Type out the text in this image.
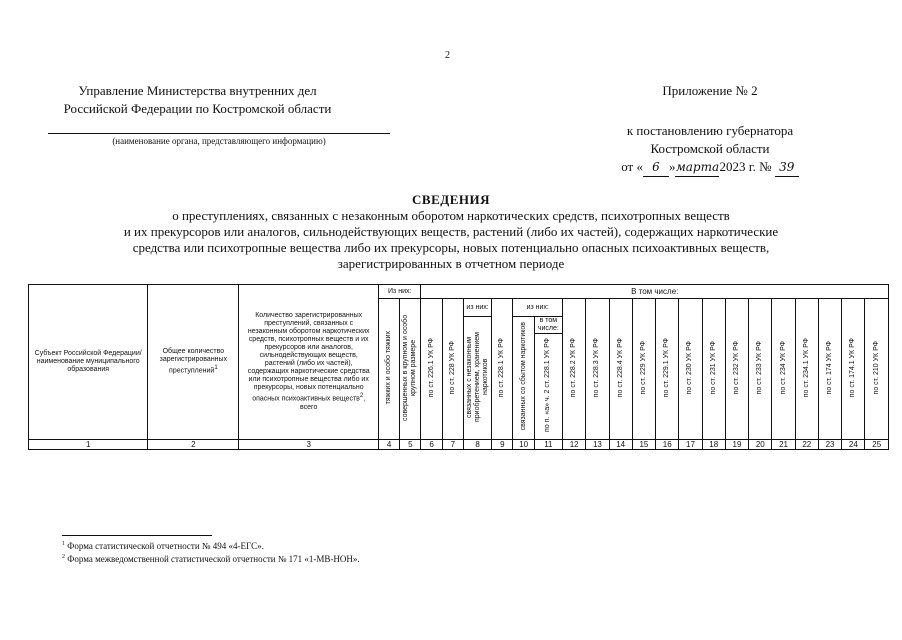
2
Управление Министерства внутренних дел
Российской Федерации по Костромской области
(наименование органа, представляющего информацию)
Приложение № 2
к постановлению губернатора
Костромской области
от « 6 »марта2023 г. № 39
СВЕДЕНИЯ
о преступлениях, связанных с незаконным оборотом наркотических средств, психотропных веществ
и их прекурсоров или аналогов, сильнодействующих веществ, растений (либо их частей), содержащих наркотические
средства или психотропные вещества либо их прекурсоры, новых потенциально опасных психоактивных веществ,
зарегистрированных в отчетном периоде
Субъект Российской Федерации/ наименование муниципального образования	Общее количество зарегистрированных преступлений$^1$	Количество зарегистрированных преступлений, связанных с незаконным оборотом наркотических средств, психотропных веществ и их прекурсоров или аналогов, сильнодействующих веществ, растений (либо их частей), содержащих наркотические средства или психотропные вещества либо их прекурсоры, новых потенциально опасных психоактивных веществ$^2$, всего	Из них:		В том числе:																			
			тяжких и особо тяжких	совершенных в крупном и особо крупном размере	по ст. 226.1 УК РФ	по ст. 228 УК РФ	из них:	по ст. 228.1 УК РФ	из них:		по ст. 228.2 УК РФ	по ст. 228.3 УК РФ	по ст. 228.4 УК РФ	по ст. 229 УК РФ	по ст. 229.1 УК РФ	по ст. 230 УК РФ	по ст. 231 УК РФ	по ст. 232 УК РФ	по ст. 233 УК РФ	по ст. 234 УК РФ	по ст. 234.1 УК РФ	по ст. 174 УК РФ	по ст. 174.1 УК РФ	по ст. 210 УК РФ
							связанных с незаконным приобретением, хранением наркотиков		связанных со сбытом наркотиков	в том числе:														
										по п. «а» ч. 2 ст. 228.1 УК РФ														
1	2	3	4	5	6	7	8	9	10	11	12	13	14	15	16	17	18	19	20	21	22	23	24	25
$^1$ Форма статистической отчетности № 494 «4-ЕГС».
$^2$ Форма межведомственной статистической отчетности № 171 «1-МВ-НОН».
